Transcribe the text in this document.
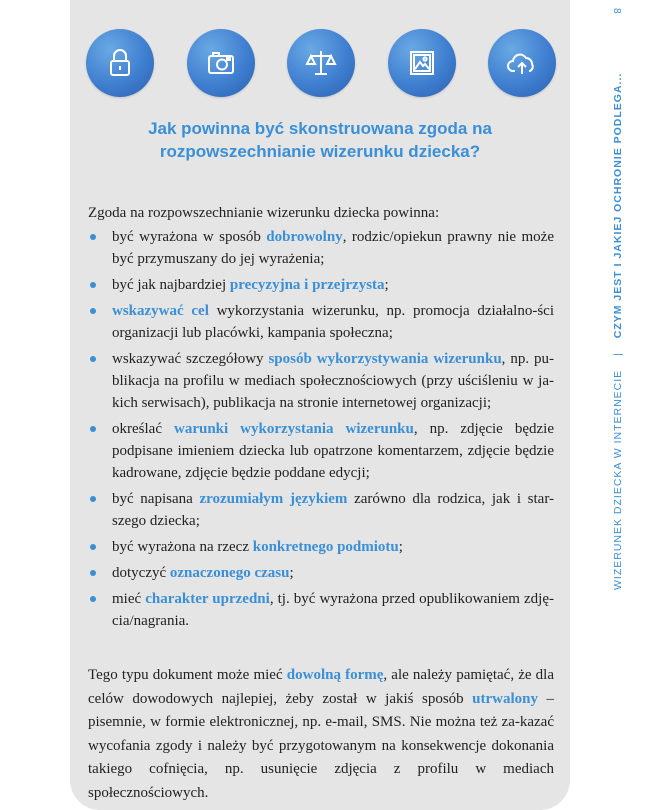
Jak powinna być skonstruowana zgoda na
rozpowszechnianie wizerunku dziecka?
Zgoda na rozpowszechnianie wizerunku dziecka powinna:
być wyrażona w sposób dobrowolny, rodzic/opiekun prawny nie może być przymuszany do jej wyrażenia;
być jak najbardziej precyzyjna i przejrzysta;
wskazywać cel wykorzystania wizerunku, np. promocja działalno-ści organizacji lub placówki, kampania społeczna;
wskazywać szczegółowy sposób wykorzystywania wizerunku, np. pu-blikacja na profilu w mediach społecznościowych (przy uściśleniu w ja-kich serwisach), publikacja na stronie internetowej organizacji;
określać warunki wykorzystania wizerunku, np. zdjęcie będzie podpisane imieniem dziecka lub opatrzone komentarzem, zdjęcie będzie kadrowane, zdjęcie będzie poddane edycji;
być napisana zrozumiałym językiem zarówno dla rodzica, jak i star-szego dziecka;
być wyrażona na rzecz konkretnego podmiotu;
dotyczyć oznaczonego czasu;
mieć charakter uprzedni, tj. być wyrażona przed opublikowaniem zdję-cia/nagrania.
Tego typu dokument może mieć dowolną formę, ale należy pamiętać, że dla celów dowodowych najlepiej, żeby został w jakiś sposób utrwalony – pisemnie, w formie elektronicznej, np. e-mail, SMS. Nie można też za-kazać wycofania zgody i należy być przygotowanym na konsekwencje dokonania takiego cofnięcia, np. usunięcie zdjęcia z profilu w mediach społecznościowych.
8
WIZERUNEK DZIECKA W INTERNECIE | CZYM JEST I JAKIEJ OCHRONIE PODLEGA...
